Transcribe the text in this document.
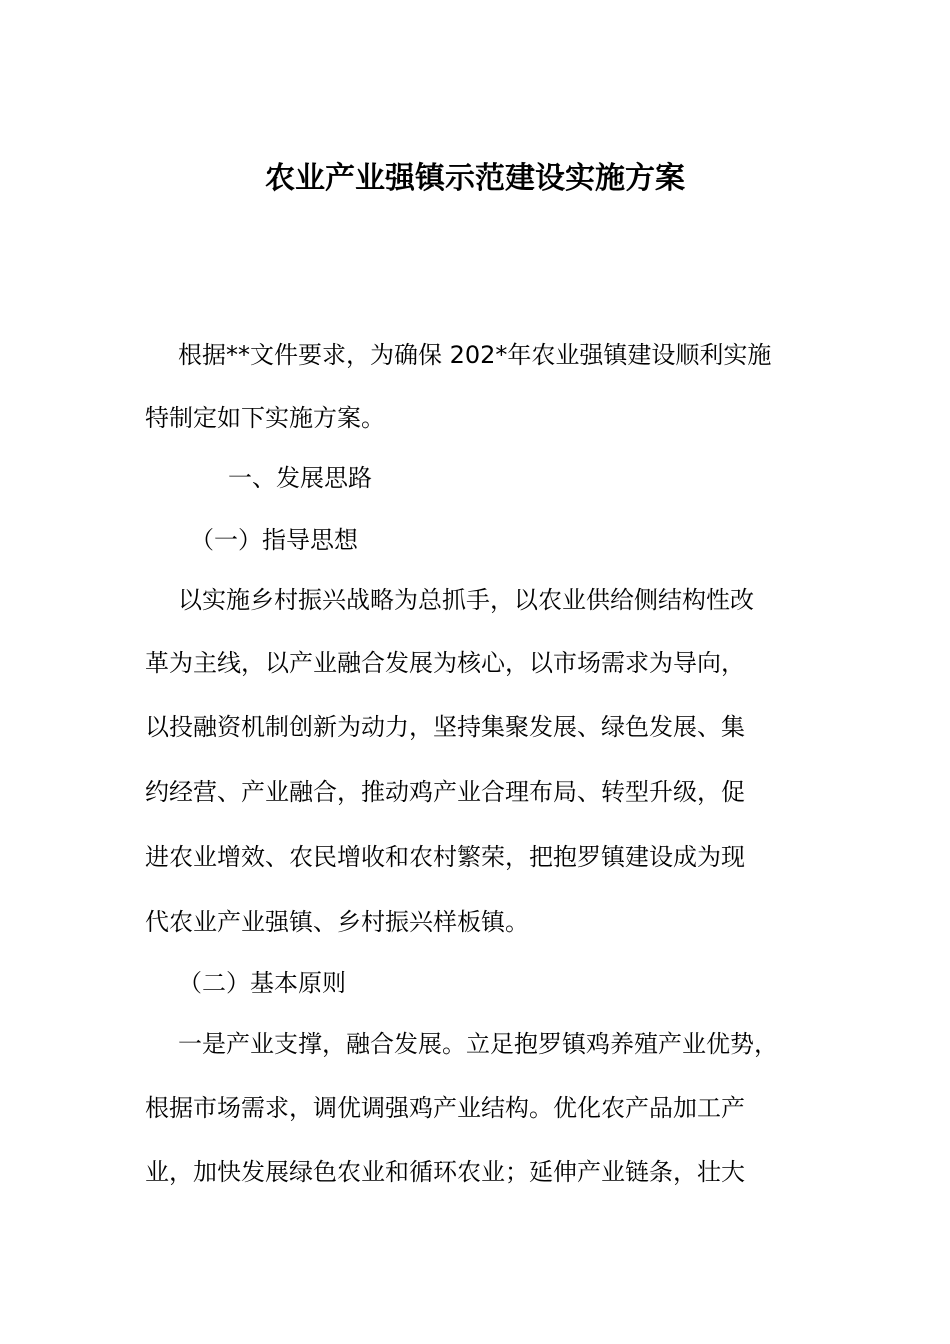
农业产业强镇示范建设实施方案
根据**文件要求，为确保 202*年农业强镇建设顺利实施
特制定如下实施方案。
一、发展思路
（一）指导思想
以实施乡村振兴战略为总抓手，以农业供给侧结构性改
革为主线，以产业融合发展为核心，以市场需求为导向，
以投融资机制创新为动力，坚持集聚发展、绿色发展、集
约经营、产业融合，推动鸡产业合理布局、转型升级，促
进农业增效、农民增收和农村繁荣，把抱罗镇建设成为现
代农业产业强镇、乡村振兴样板镇。
（二）基本原则
一是产业支撑，融合发展。立足抱罗镇鸡养殖产业优势，
根据市场需求，调优调强鸡产业结构。优化农产品加工产
业，加快发展绿色农业和循环农业；延伸产业链条，壮大
